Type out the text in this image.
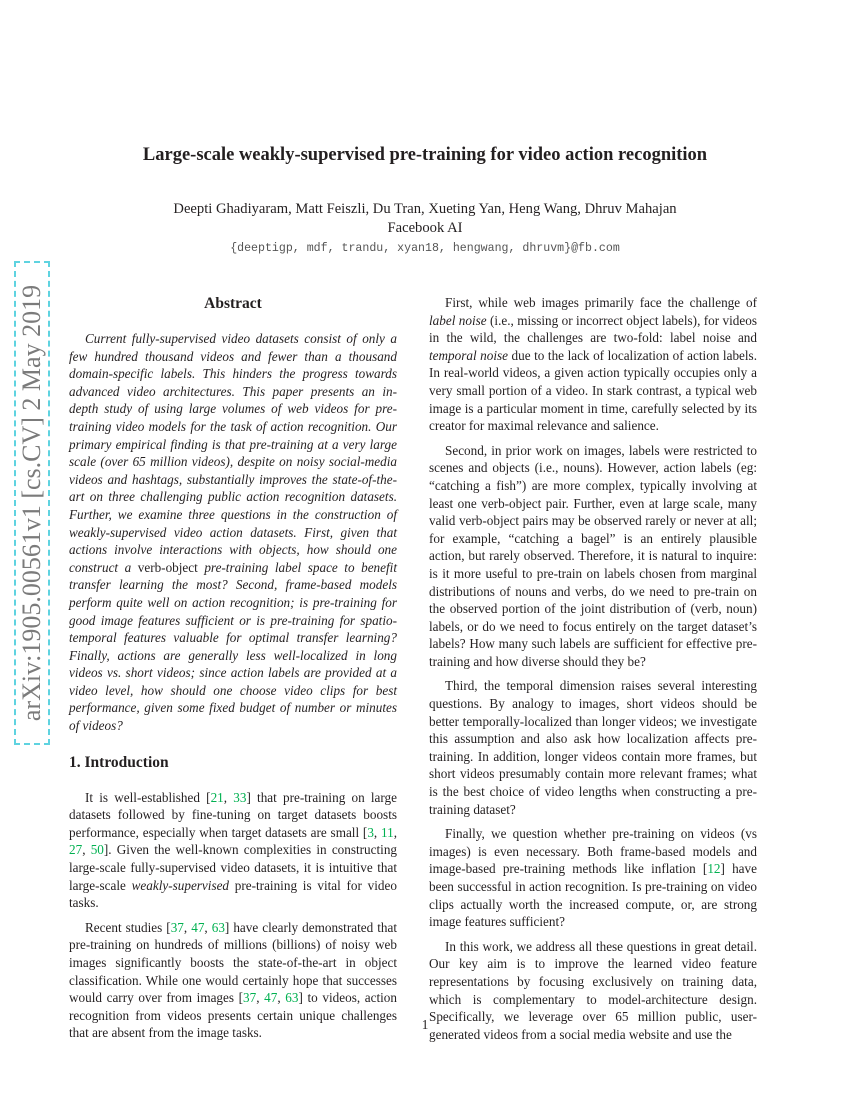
Large-scale weakly-supervised pre-training for video action recognition
Deepti Ghadiyaram, Matt Feiszli, Du Tran, Xueting Yan, Heng Wang, Dhruv Mahajan
Facebook AI
{deeptigp, mdf, trandu, xyan18, hengwang, dhruvm}@fb.com
arXiv:1905.00561v1 [cs.CV] 2 May 2019	Abstract
Current fully-supervised video datasets consist of only a few hundred thousand videos and fewer than a thousand domain-specific labels. This hinders the progress towards advanced video architectures. This paper presents an in-depth study of using large volumes of web videos for pre-training video models for the task of action recognition. Our primary empirical finding is that pre-training at a very large scale (over 65 million videos), despite on noisy social-media videos and hashtags, substantially improves the state-of-the-art on three challenging public action recognition datasets. Further, we examine three questions in the construction of weakly-supervised video action datasets. First, given that actions involve interactions with objects, how should one construct a verb-object pre-training label space to benefit transfer learning the most? Second, frame-based models perform quite well on action recognition; is pre-training for good image features sufficient or is pre-training for spatio-temporal features valuable for optimal transfer learning? Finally, actions are generally less well-localized in long videos vs. short videos; since action labels are provided at a video level, how should one choose video clips for best performance, given some fixed budget of number or minutes of videos?
1. Introduction
It is well-established [21, 33] that pre-training on large datasets followed by fine-tuning on target datasets boosts performance, especially when target datasets are small [3, 11, 27, 50]. Given the well-known complexities in constructing large-scale fully-supervised video datasets, it is intuitive that large-scale weakly-supervised pre-training is vital for video tasks.
Recent studies [37, 47, 63] have clearly demonstrated that pre-training on hundreds of millions (billions) of noisy web images significantly boosts the state-of-the-art in object classification. While one would certainly hope that successes would carry over from images [37, 47, 63] to videos, action recognition from videos presents certain unique challenges that are absent from the image tasks.
First, while web images primarily face the challenge of label noise (i.e., missing or incorrect object labels), for videos in the wild, the challenges are two-fold: label noise and temporal noise due to the lack of localization of action labels. In real-world videos, a given action typically occupies only a very small portion of a video. In stark contrast, a typical web image is a particular moment in time, carefully selected by its creator for maximal relevance and salience.
Second, in prior work on images, labels were restricted to scenes and objects (i.e., nouns). However, action labels (eg: “catching a fish”) are more complex, typically involving at least one verb-object pair. Further, even at large scale, many valid verb-object pairs may be observed rarely or never at all; for example, “catching a bagel” is an entirely plausible action, but rarely observed. Therefore, it is natural to inquire: is it more useful to pre-train on labels chosen from marginal distributions of nouns and verbs, do we need to pre-train on the observed portion of the joint distribution of (verb, noun) labels, or do we need to focus entirely on the target dataset’s labels? How many such labels are sufficient for effective pre-training and how diverse should they be?
Third, the temporal dimension raises several interesting questions. By analogy to images, short videos should be better temporally-localized than longer videos; we investigate this assumption and also ask how localization affects pre-training. In addition, longer videos contain more frames, but short videos presumably contain more relevant frames; what is the best choice of video lengths when constructing a pre-training dataset?
Finally, we question whether pre-training on videos (vs images) is even necessary. Both frame-based models and image-based pre-training methods like inflation [12] have been successful in action recognition. Is pre-training on video clips actually worth the increased compute, or, are strong image features sufficient?
In this work, we address all these questions in great detail. Our key aim is to improve the learned video feature representations by focusing exclusively on training data, which is complementary to model-architecture design. Specifically, we leverage over 65 million public, user-generated videos from a social media website and use the
1
